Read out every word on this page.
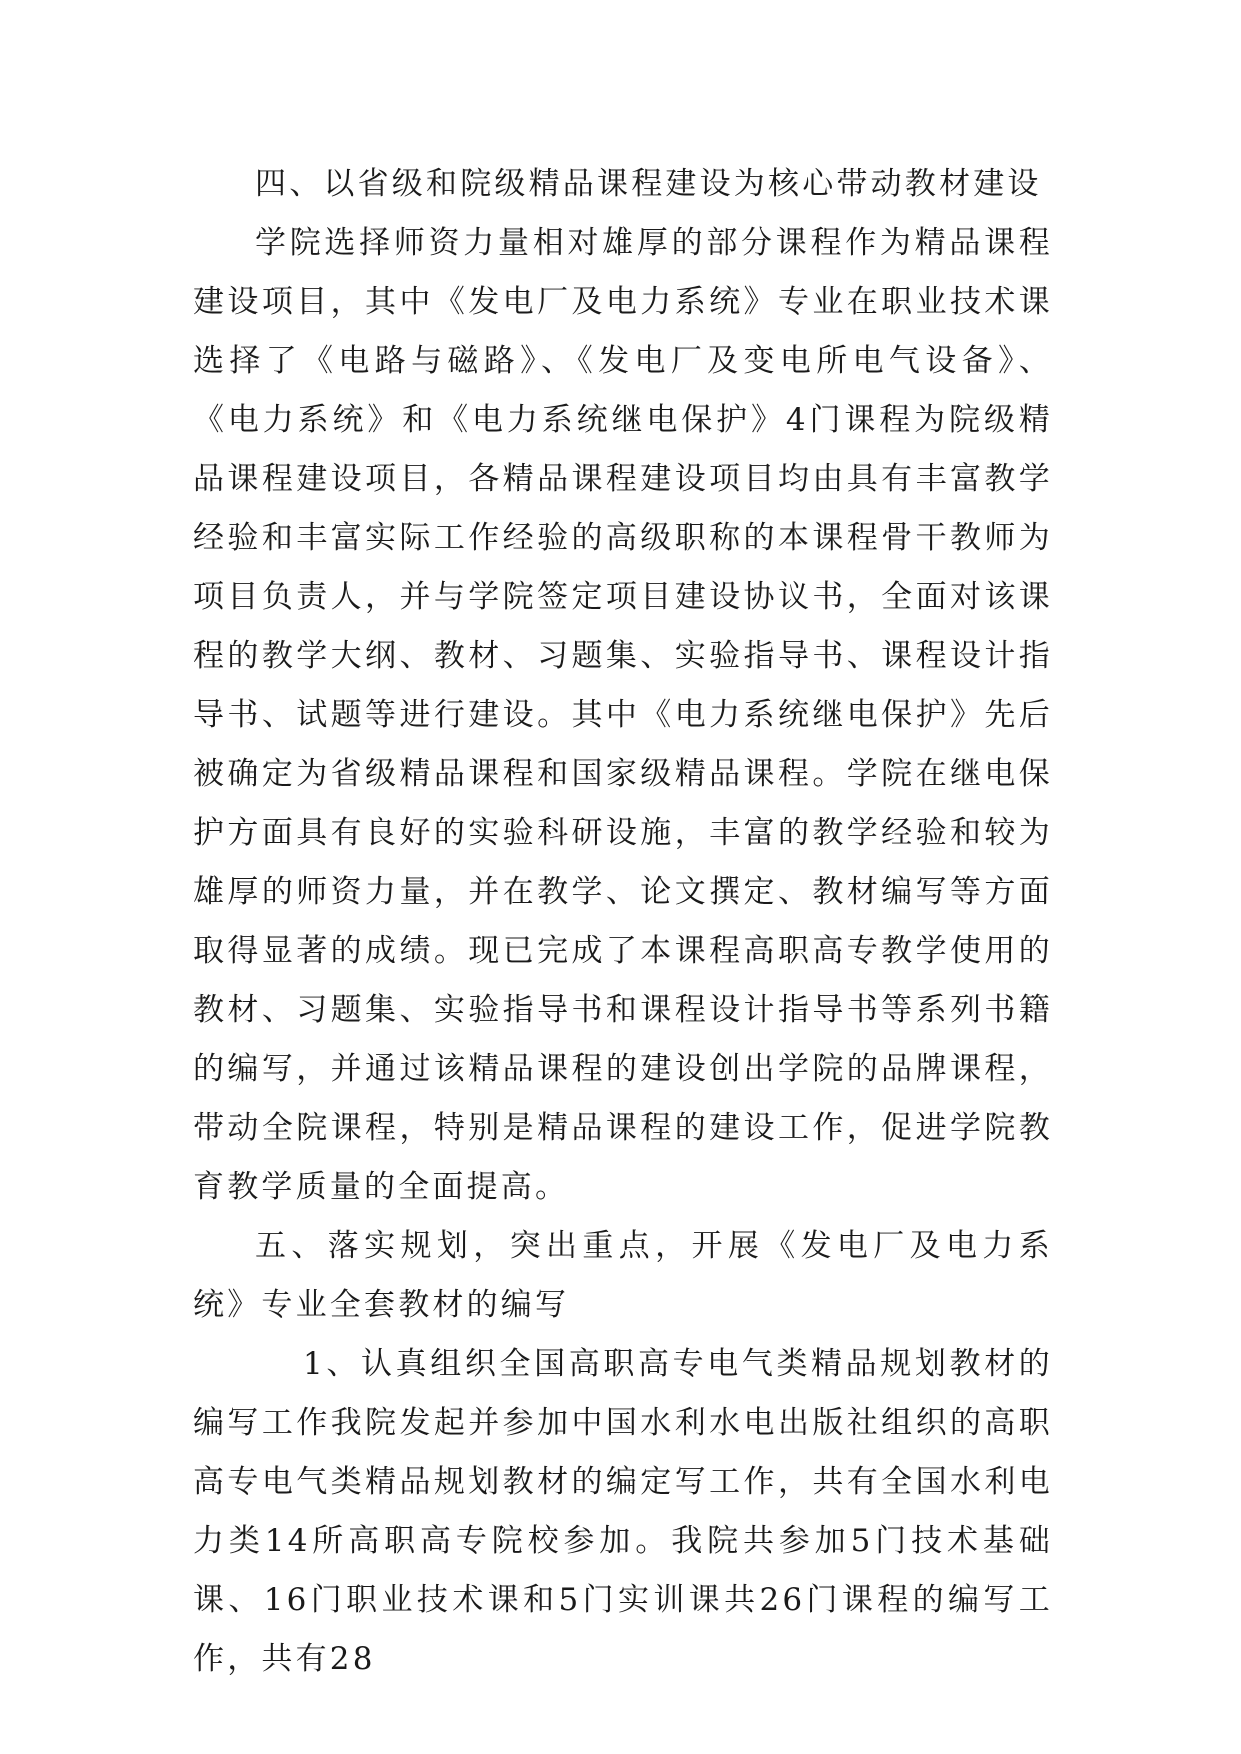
四、以省级和院级精品课程建设为核心带动教材建设

学院选择师资力量相对雄厚的部分课程作为精品课程建设项目，其中《发电厂及电力系统》专业在职业技术课选择了《电路与磁路》、《发电厂及变电所电气设备》、《电力系统》和《电力系统继电保护》4门课程为院级精品课程建设项目，各精品课程建设项目均由具有丰富教学经验和丰富实际工作经验的高级职称的本课程骨干教师为项目负责人，并与学院签定项目建设协议书，全面对该课程的教学大纲、教材、习题集、实验指导书、课程设计指导书、试题等进行建设。其中《电力系统继电保护》先后被确定为省级精品课程和国家级精品课程。学院在继电保护方面具有良好的实验科研设施，丰富的教学经验和较为雄厚的师资力量，并在教学、论文撰定、教材编写等方面取得显著的成绩。现已完成了本课程高职高专教学使用的教材、习题集、实验指导书和课程设计指导书等系列书籍的编写，并通过该精品课程的建设创出学院的品牌课程，带动全院课程，特别是精品课程的建设工作，促进学院教育教学质量的全面提高。

五、落实规划，突出重点，开展《发电厂及电力系统》专业全套教材的编写

1、认真组织全国高职高专电气类精品规划教材的编写工作我院发起并参加中国水利水电出版社组织的高职高专电气类精品规划教材的编定写工作，共有全国水利电力类14所高职高专院校参加。我院共参加5门技术基础课、16门职业技术课和5门实训课共26门课程的编写工作，共有28
